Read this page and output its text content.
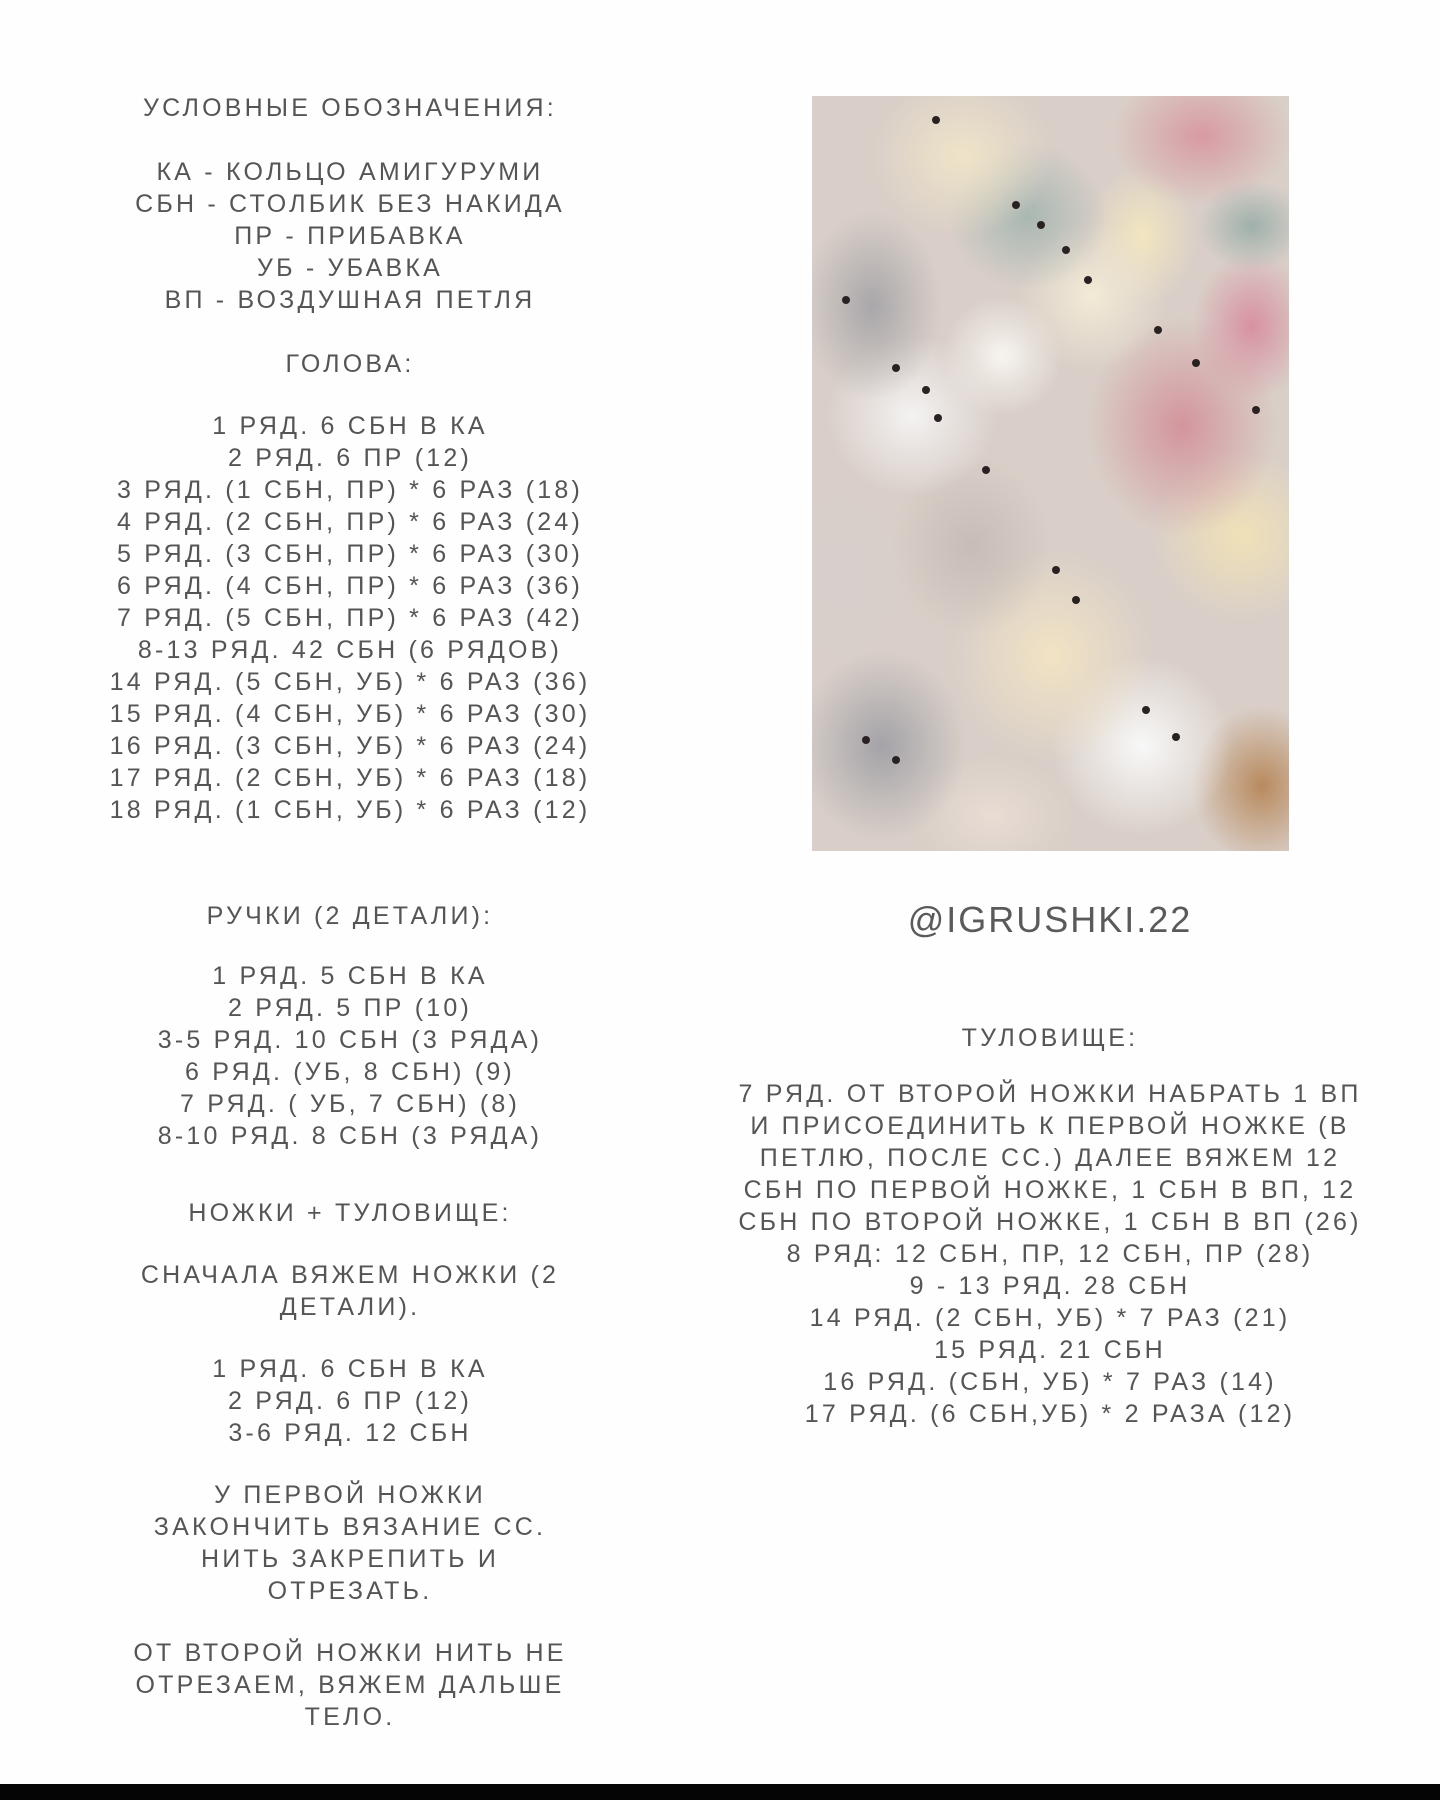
УСЛОВНЫЕ ОБОЗНАЧЕНИЯ:
КА - КОЛЬЦО АМИГУРУМИ
СБН - СТОЛБИК БЕЗ НАКИДА
ПР - ПРИБАВКА
УБ - УБАВКА
ВП - ВОЗДУШНАЯ ПЕТЛЯ
ГОЛОВА:
1 РЯД. 6 СБН В КА
2 РЯД. 6 ПР (12)
3 РЯД. (1 СБН, ПР) * 6 РАЗ (18)
4 РЯД. (2 СБН, ПР) * 6 РАЗ (24)
5 РЯД. (3 СБН, ПР) * 6 РАЗ (30)
6 РЯД. (4 СБН, ПР) * 6 РАЗ (36)
7 РЯД. (5 СБН, ПР) * 6 РАЗ (42)
8-13 РЯД. 42 СБН (6 РЯДОВ)
14 РЯД. (5 СБН, УБ) * 6 РАЗ (36)
15 РЯД. (4 СБН, УБ) * 6 РАЗ (30)
16 РЯД. (3 СБН, УБ) * 6 РАЗ (24)
17 РЯД. (2 СБН, УБ) * 6 РАЗ (18)
18 РЯД. (1 СБН, УБ) * 6 РАЗ (12)
РУЧКИ (2 ДЕТАЛИ):
1 РЯД. 5 СБН В КА
2 РЯД. 5 ПР (10)
3-5 РЯД. 10 СБН (3 РЯДА)
6 РЯД. (УБ, 8 СБН) (9)
7 РЯД. ( УБ, 7 СБН) (8)
8-10 РЯД. 8 СБН (3 РЯДА)
НОЖКИ + ТУЛОВИЩЕ:
СНАЧАЛА ВЯЖЕМ НОЖКИ (2
ДЕТАЛИ).
1 РЯД. 6 СБН В КА
2 РЯД. 6 ПР (12)
3-6 РЯД. 12 СБН
У ПЕРВОЙ НОЖКИ
ЗАКОНЧИТЬ ВЯЗАНИЕ СС.
НИТЬ ЗАКРЕПИТЬ И
ОТРЕЗАТЬ.
ОТ ВТОРОЙ НОЖКИ НИТЬ НЕ
ОТРЕЗАЕМ, ВЯЖЕМ ДАЛЬШЕ
ТЕЛО.
@IGRUSHKI.22
ТУЛОВИЩЕ:
7 РЯД. ОТ ВТОРОЙ НОЖКИ НАБРАТЬ 1 ВП
И ПРИСОЕДИНИТЬ К ПЕРВОЙ НОЖКЕ (В
ПЕТЛЮ, ПОСЛЕ СС.) ДАЛЕЕ ВЯЖЕМ 12
СБН ПО ПЕРВОЙ НОЖКЕ, 1 СБН В ВП, 12
СБН ПО ВТОРОЙ НОЖКЕ, 1 СБН В ВП (26)
8 РЯД: 12 СБН, ПР, 12 СБН, ПР (28)
9 - 13 РЯД. 28 СБН
14 РЯД. (2 СБН, УБ) * 7 РАЗ (21)
15 РЯД. 21 СБН
16 РЯД. (СБН, УБ) * 7 РАЗ (14)
17 РЯД. (6 СБН,УБ) * 2 РАЗА (12)
